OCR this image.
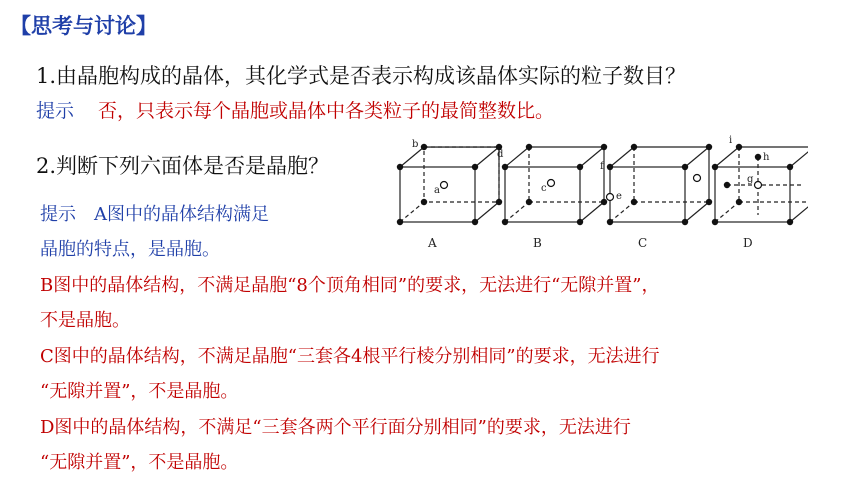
【思考与讨论】
1.由晶胞构成的晶体，其化学式是否表示构成该晶体实际的粒子数目？
提示 否，只表示每个晶胞或晶体中各类粒子的最简整数比。
2.判断下列六面体是否是晶胞？
提示 A图中的晶体结构满足
晶胞的特点，是晶胞。
B图中的晶体结构，不满足晶胞“8个顶角相同”的要求，无法进行“无隙并置”，
不是晶胞。
C图中的晶体结构，不满足晶胞“三套各4根平行棱分别相同”的要求，无法进行
“无隙并置”，不是晶胞。
D图中的晶体结构，不满足“三套各两个平行面分别相同”的要求，无法进行
“无隙并置”，不是晶胞。
b
a
A
d
c
B
f
e
C
i
h
g
D
